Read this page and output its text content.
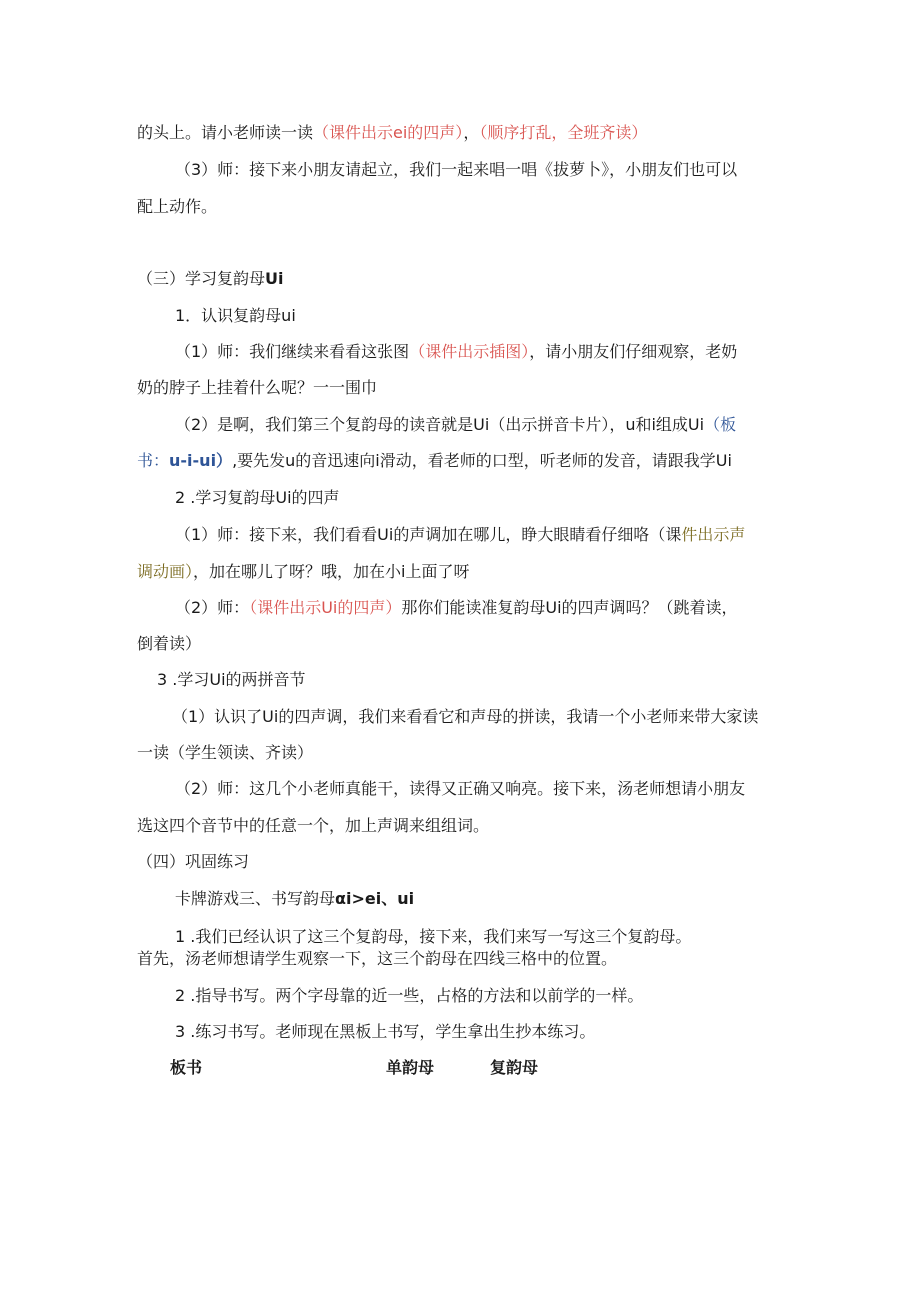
的头上。请小老师读一读（课件出示ei的四声），（顺序打乱，全班齐读）
（3）师：接下来小朋友请起立，我们一起来唱一唱《拔萝卜》，小朋友们也可以
配上动作。
（三）学习复韵母Ui
1．认识复韵母ui
（1）师：我们继续来看看这张图（课件出示插图），请小朋友们仔细观察，老奶
奶的脖子上挂着什么呢？一一围巾
（2）是啊，我们第三个复韵母的读音就是Ui（出示拼音卡片），u和i组成Ui（板
书：u-i-ui）,要先发u的音迅速向i滑动，看老师的口型，听老师的发音，请跟我学Ui
2 .学习复韵母Ui的四声
（1）师：接下来，我们看看Ui的声调加在哪儿，睁大眼睛看仔细咯（课件出示声
调动画），加在哪儿了呀？哦，加在小i上面了呀
（2）师：（课件出示Ui的四声）那你们能读准复韵母Ui的四声调吗？（跳着读，
倒着读）
3 .学习Ui的两拼音节
（1）认识了Ui的四声调，我们来看看它和声母的拼读，我请一个小老师来带大家读
一读（学生领读、齐读）
（2）师：这几个小老师真能干，读得又正确又响亮。接下来，汤老师想请小朋友
选这四个音节中的任意一个，加上声调来组组词。
（四）巩固练习
卡牌游戏三、书写韵母αi>ei、ui
1 .我们已经认识了这三个复韵母，接下来，我们来写一写这三个复韵母。
首先，汤老师想请学生观察一下，这三个韵母在四线三格中的位置。
2 .指导书写。两个字母靠的近一些，占格的方法和以前学的一样。
3 .练习书写。老师现在黑板上书写，学生拿出生抄本练习。
板书	单韵母	复韵母
